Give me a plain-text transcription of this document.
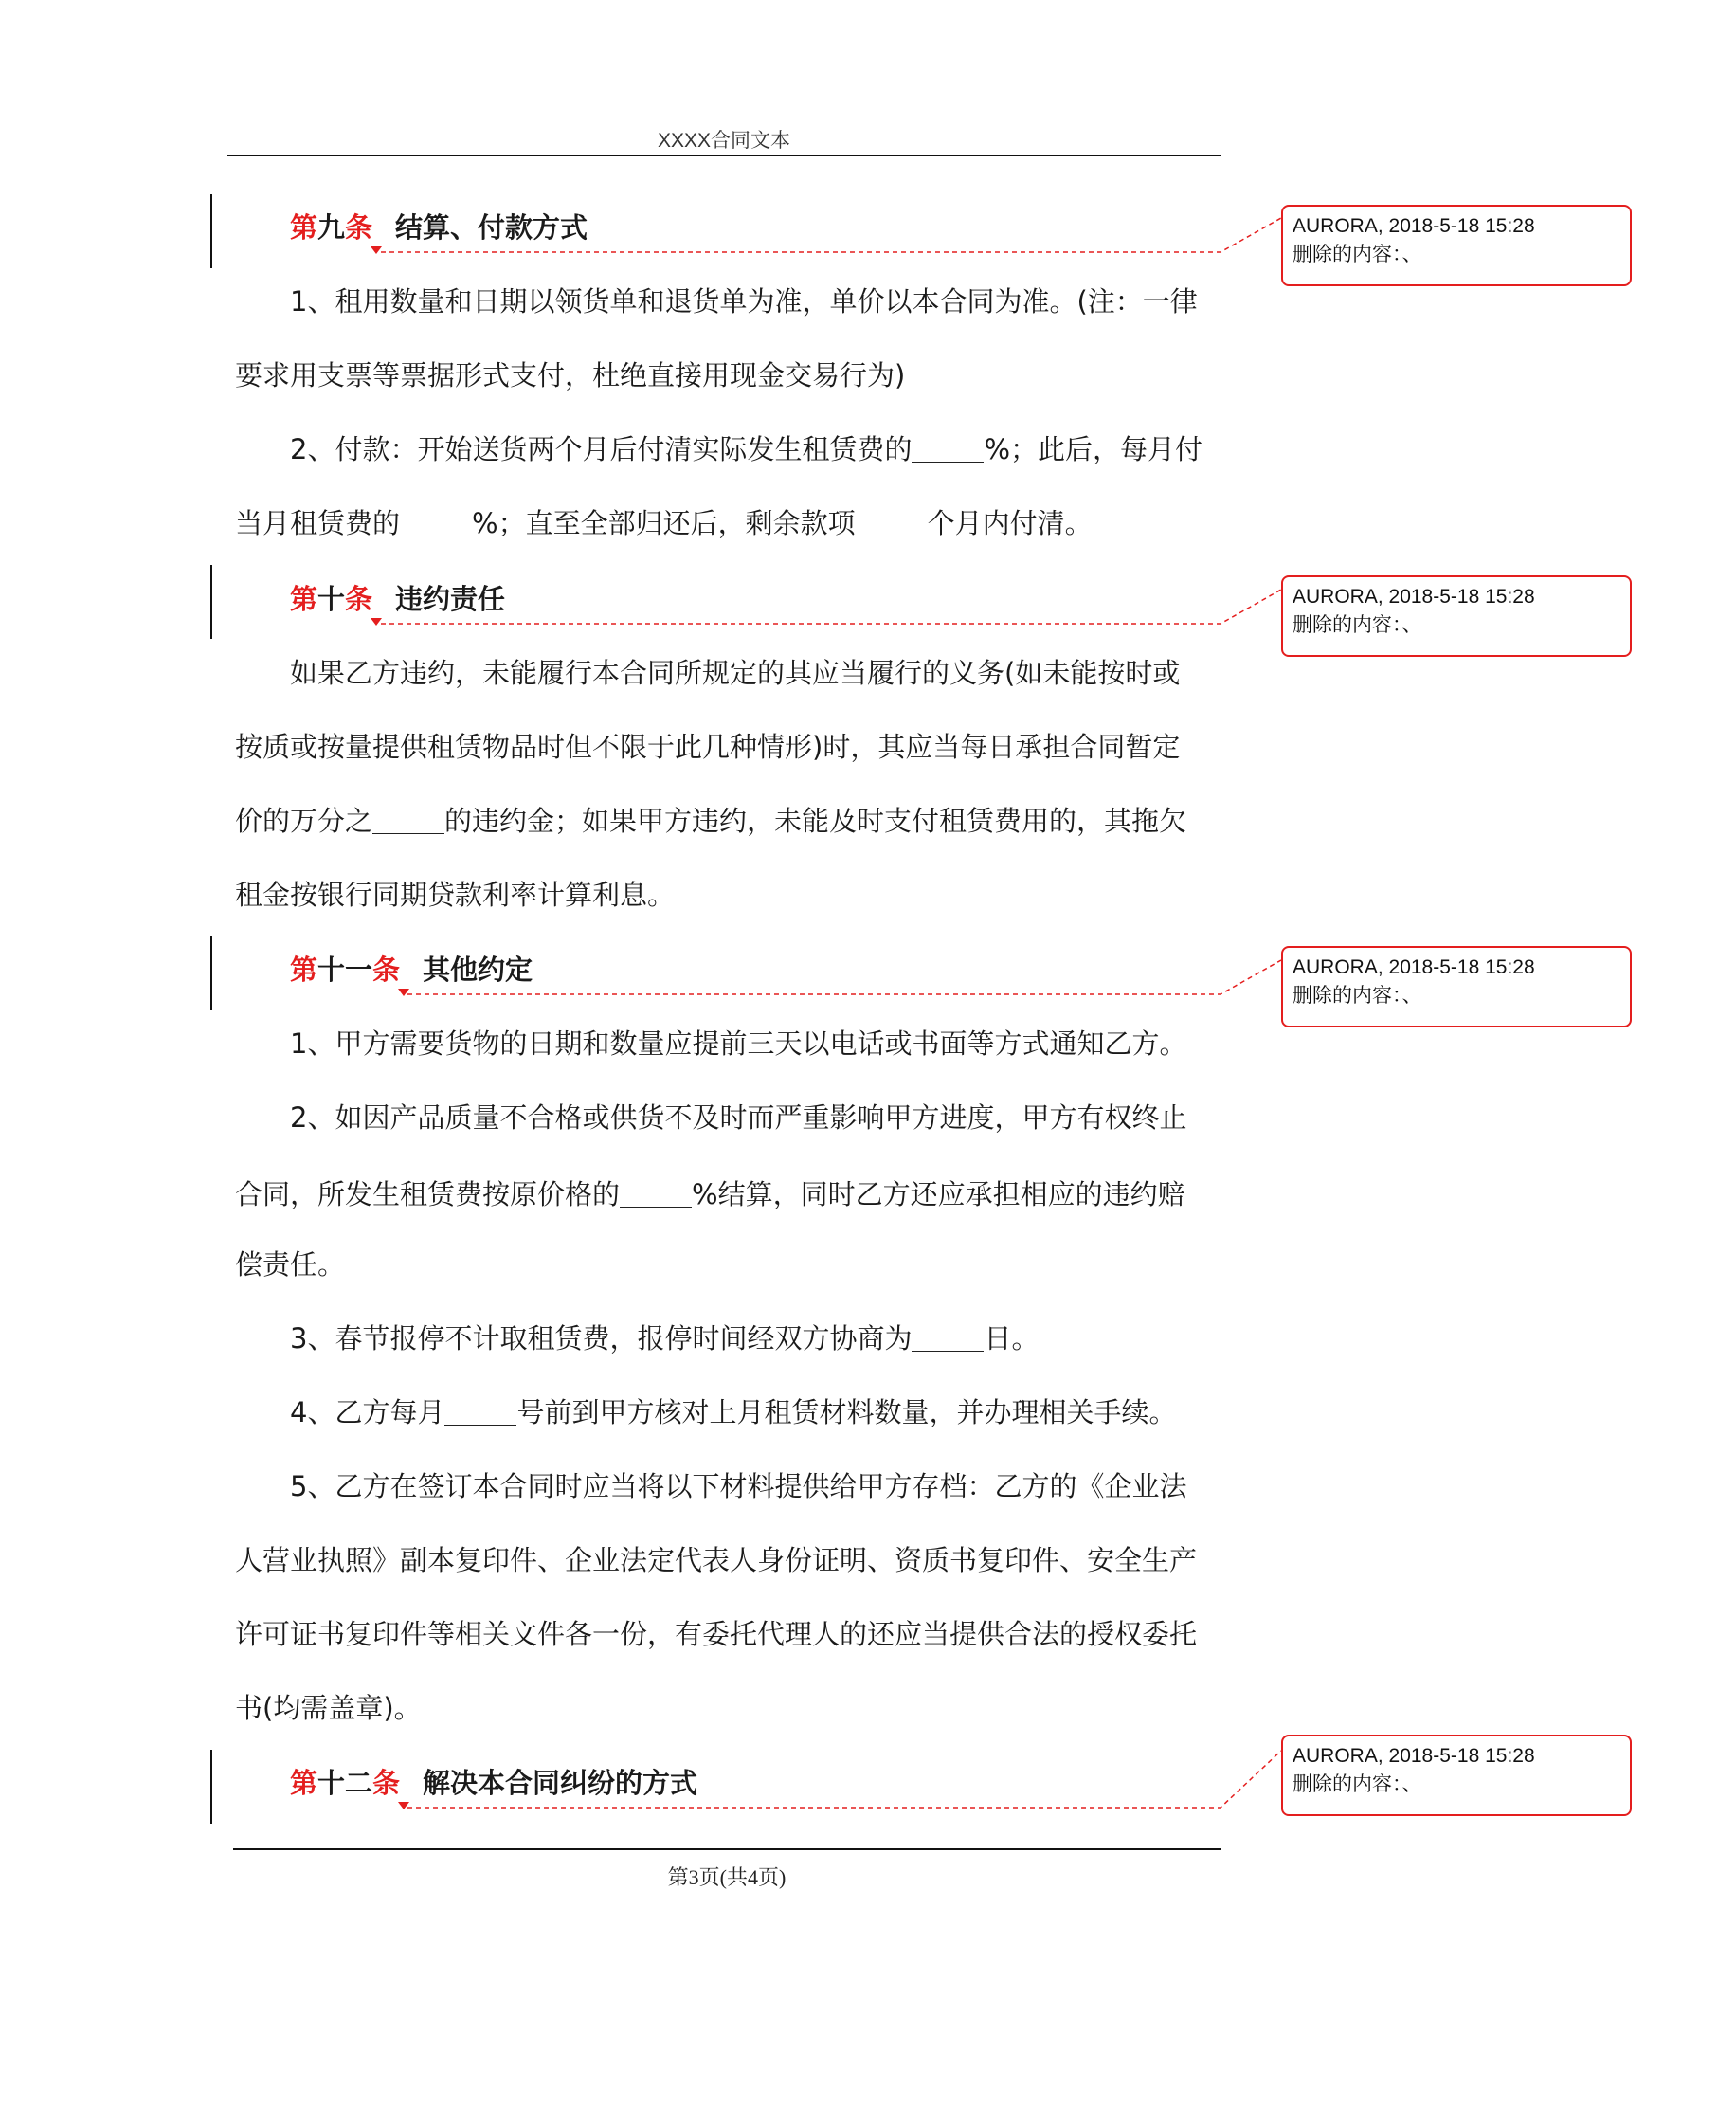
XXXX合同文本
第九条 结算、付款方式
1、租用数量和日期以领货单和退货单为准，单价以本合同为准。(注：一律
要求用支票等票据形式支付，杜绝直接用现金交易行为)
2、付款：开始送货两个月后付清实际发生租赁费的	%；此后，每月付
当月租赁费的	%；直至全部归还后，剩余款项	个月内付清。
第十条 违约责任
如果乙方违约，未能履行本合同所规定的其应当履行的义务(如未能按时或
按质或按量提供租赁物品时但不限于此几种情形)时，其应当每日承担合同暂定
价的万分之	的违约金；如果甲方违约，未能及时支付租赁费用的，其拖欠
租金按银行同期贷款利率计算利息。
第十一条 其他约定
1、甲方需要货物的日期和数量应提前三天以电话或书面等方式通知乙方。
2、如因产品质量不合格或供货不及时而严重影响甲方进度，甲方有权终止
合同，所发生租赁费按原价格的	%结算，同时乙方还应承担相应的违约赔
偿责任。
3、春节报停不计取租赁费，报停时间经双方协商为	日。
4、乙方每月	号前到甲方核对上月租赁材料数量，并办理相关手续。
5、乙方在签订本合同时应当将以下材料提供给甲方存档：乙方的《企业法
人营业执照》副本复印件、企业法定代表人身份证明、资质书复印件、安全生产
许可证书复印件等相关文件各一份，有委托代理人的还应当提供合法的授权委托
书(均需盖章)。
第十二条 解决本合同纠纷的方式
AURORA, 2018-5-18 15:28
删除的内容：、
AURORA, 2018-5-18 15:28
删除的内容：、
AURORA, 2018-5-18 15:28
删除的内容：、
AURORA, 2018-5-18 15:28
删除的内容：、
第3页(共4页)
